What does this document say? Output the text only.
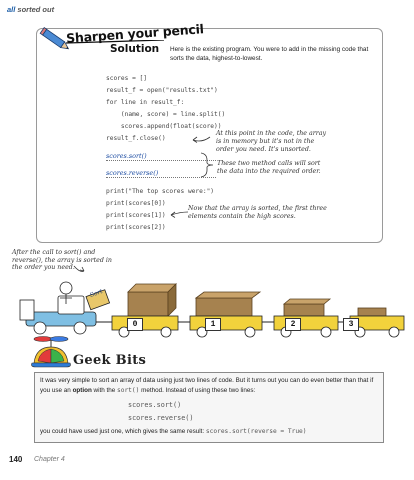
all sorted out
Sharpen your pencil
Solution Here is the existing program. You were to add in the missing code that sorts the data, highest-to-lowest.
scores = []
result_f = open("results.txt")
for line in result_f:
(name, score) = line.split()
scores.append(float(score))
result_f.close()
At this point in the code, the array is in memory but it's not in the order you need. It's unsorted.
scores.sort()
scores.reverse()
These two method calls will sort the data into the required order.
print("The top scores were:")
print(scores[0])
print(scores[1])
print(scores[2])
Now that the array is sorted, the first three elements contain the high scores.
After the call to sort() and reverse(), the array is sorted in the order you need.
Sort
0	1	2	3
Geek Bits
It was very simple to sort an array of data using just two lines of code. But it turns out you can do even better than that if you use an option with the sort() method. Instead of using these two lines:
scores.sort()
scores.reverse()
you could have used just one, which gives the same result: scores.sort(reverse = True)
140 Chapter 4
